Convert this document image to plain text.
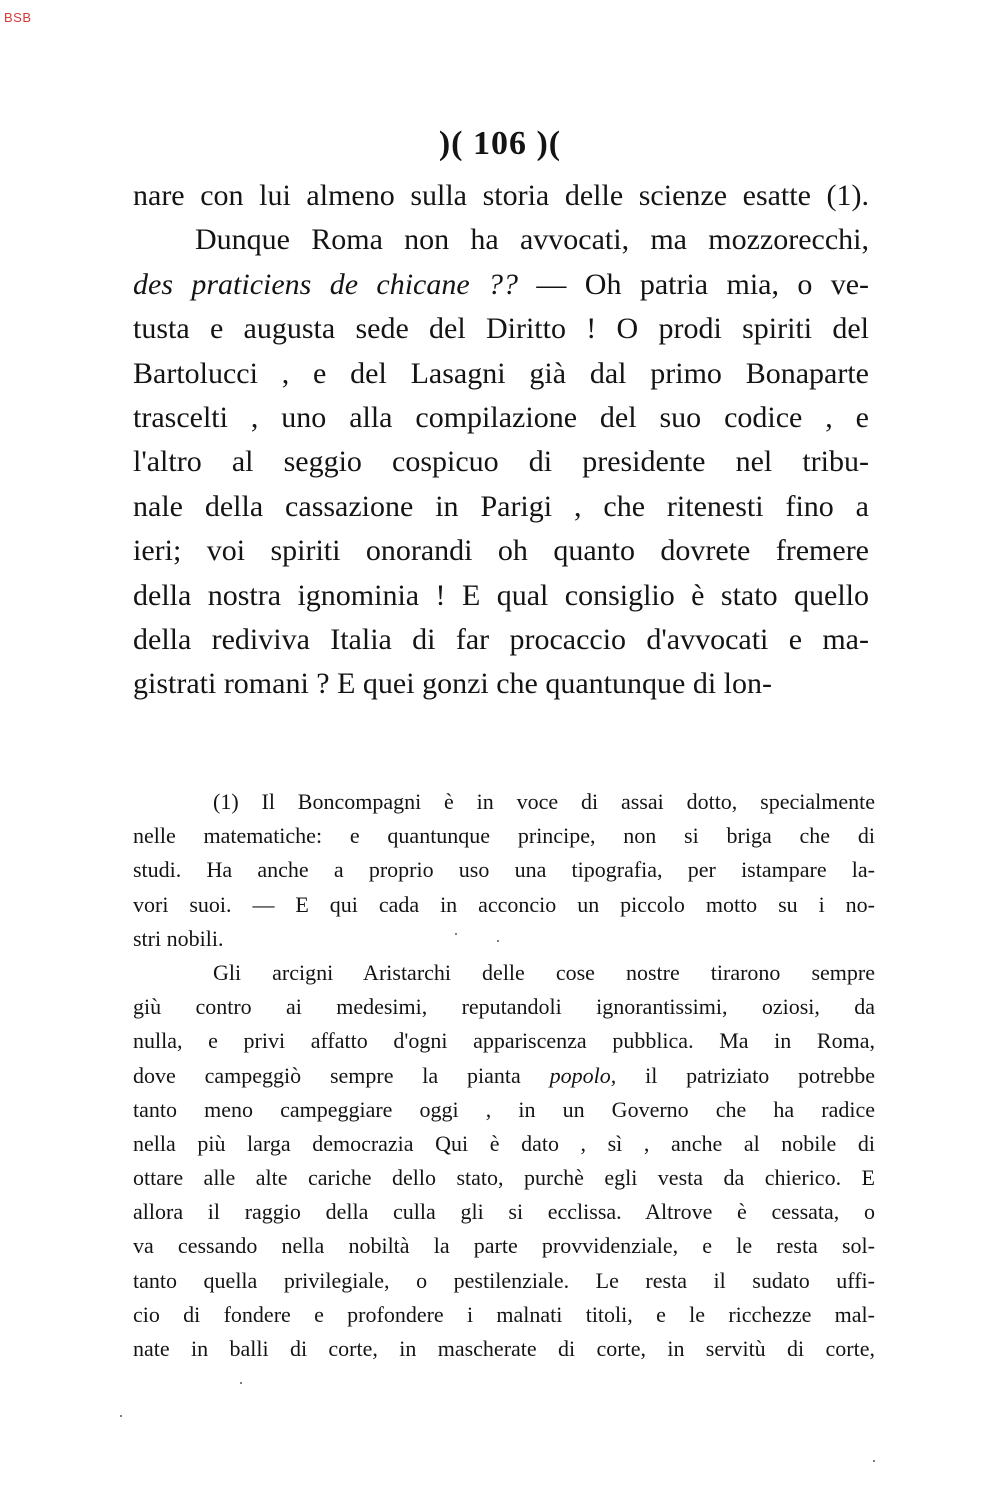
BSB
)( 106 )(
nare con lui almeno sulla storia delle scienze esatte (1).
Dunque Roma non ha avvocati, ma mozzorecchi,
des praticiens de chicane ?? — Oh patria mia, o ve-
tusta e augusta sede del Diritto ! O prodi spiriti del
Bartolucci , e del Lasagni già dal primo Bonaparte
trascelti , uno alla compilazione del suo codice , e
l'altro al seggio cospicuo di presidente nel tribu-
nale della cassazione in Parigi , che ritenesti fino a
ieri; voi spiriti onorandi oh quanto dovrete fremere
della nostra ignominia ! E qual consiglio è stato quello
della rediviva Italia di far procaccio d'avvocati e ma-
gistrati romani ? E quei gonzi che quantunque di lon-
(1) Il Boncompagni è in voce di assai dotto, specialmente
nelle matematiche: e quantunque principe, non si briga che di
studi. Ha anche a proprio uso una tipografia, per istampare la-
vori suoi. — E qui cada in acconcio un piccolo motto su i no-
stri nobili.
Gli arcigni Aristarchi delle cose nostre tirarono sempre
giù contro ai medesimi, reputandoli ignorantissimi, oziosi, da
nulla, e privi affatto d'ogni appariscenza pubblica. Ma in Roma,
dove campeggiò sempre la pianta popolo, il patriziato potrebbe
tanto meno campeggiare oggi , in un Governo che ha radice
nella più larga democrazia Qui è dato , sì , anche al nobile di
ottare alle alte cariche dello stato, purchè egli vesta da chierico. E
allora il raggio della culla gli si ecclissa. Altrove è cessata, o
va cessando nella nobiltà la parte provvidenziale, e le resta sol-
tanto quella privilegiale, o pestilenziale. Le resta il sudato uffi-
cio di fondere e profondere i malnati titoli, e le ricchezze mal-
nate in balli di corte, in mascherate di corte, in servitù di corte,
